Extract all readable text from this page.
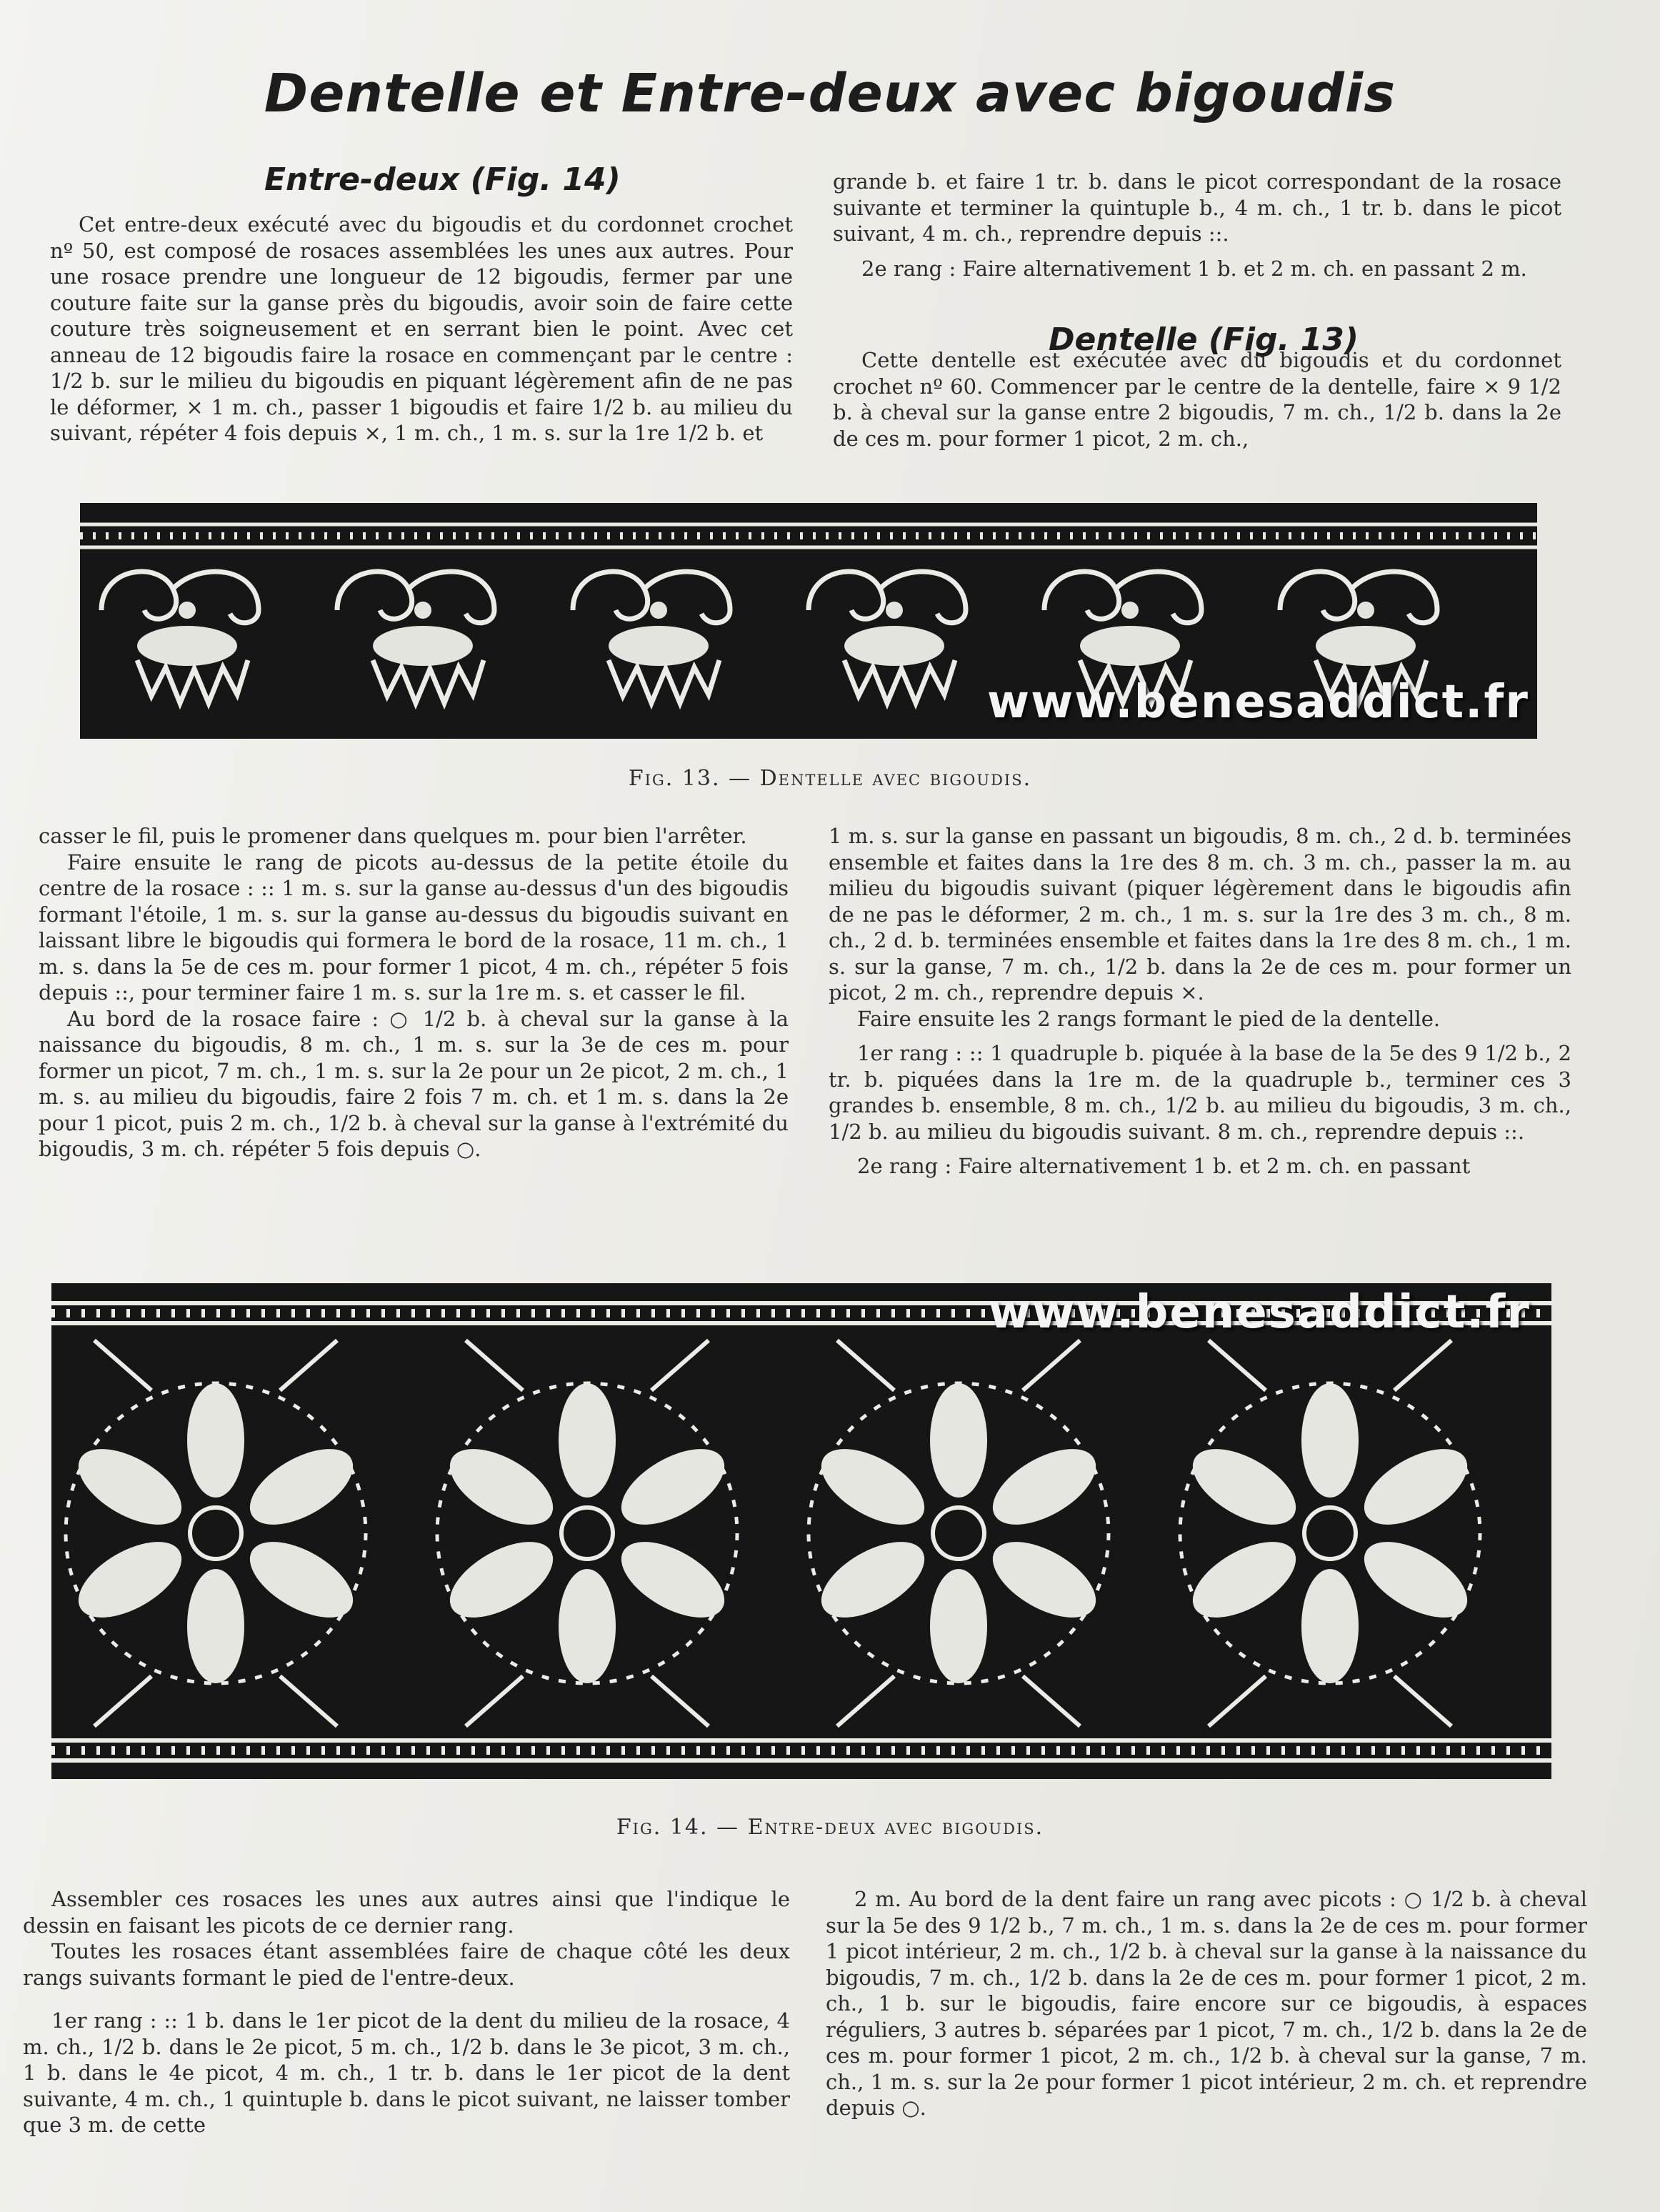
Dentelle et Entre-deux avec bigoudis
Entre-deux (Fig. 14)
Dentelle (Fig. 13)

Cet entre-deux exécuté avec du bigoudis et du cordonnet crochet nº 50, est composé de rosaces assemblées les unes aux autres. Pour une rosace prendre une longueur de 12 bigoudis, fermer par une couture faite sur la ganse près du bigoudis, avoir soin de faire cette couture très soigneusement et en serrant bien le point. Avec cet anneau de 12 bigoudis faire la rosace en commençant par le centre : 1/2 b. sur le milieu du bigoudis en piquant légèrement afin de ne pas le déformer, × 1 m. ch., passer 1 bigoudis et faire 1/2 b. au milieu du suivant, répéter 4 fois depuis ×, 1 m. ch., 1 m. s. sur la 1re 1/2 b. et

grande b. et faire 1 tr. b. dans le picot correspondant de la rosace suivante et terminer la quintuple b., 4 m. ch., 1 tr. b. dans le picot suivant, 4 m. ch., reprendre depuis ::.

2e rang : Faire alternativement 1 b. et 2 m. ch. en passant 2 m.

Cette dentelle est exécutée avec du bigoudis et du cordonnet crochet nº 60. Commencer par le centre de la dentelle, faire × 9 1/2 b. à cheval sur la ganse entre 2 bigoudis, 7 m. ch., 1/2 b. dans la 2e de ces m. pour former 1 picot, 2 m. ch.,

www.benesaddict.fr
Fig. 13. — Dentelle avec bigoudis.

casser le fil, puis le promener dans quelques m. pour bien l'arrêter.

Faire ensuite le rang de picots au-dessus de la petite étoile du centre de la rosace : :: 1 m. s. sur la ganse au-dessus d'un des bigoudis formant l'étoile, 1 m. s. sur la ganse au-dessus du bigoudis suivant en laissant libre le bigoudis qui formera le bord de la rosace, 11 m. ch., 1 m. s. dans la 5e de ces m. pour former 1 picot, 4 m. ch., répéter 5 fois depuis ::, pour terminer faire 1 m. s. sur la 1re m. s. et casser le fil.

Au bord de la rosace faire : ○ 1/2 b. à cheval sur la ganse à la naissance du bigoudis, 8 m. ch., 1 m. s. sur la 3e de ces m. pour former un picot, 7 m. ch., 1 m. s. sur la 2e pour un 2e picot, 2 m. ch., 1 m. s. au milieu du bigoudis, faire 2 fois 7 m. ch. et 1 m. s. dans la 2e pour 1 picot, puis 2 m. ch., 1/2 b. à cheval sur la ganse à l'extrémité du bigoudis, 3 m. ch. répéter 5 fois depuis ○.

1 m. s. sur la ganse en passant un bigoudis, 8 m. ch., 2 d. b. terminées ensemble et faites dans la 1re des 8 m. ch. 3 m. ch., passer la m. au milieu du bigoudis suivant (piquer légèrement dans le bigoudis afin de ne pas le déformer, 2 m. ch., 1 m. s. sur la 1re des 3 m. ch., 8 m. ch., 2 d. b. terminées ensemble et faites dans la 1re des 8 m. ch., 1 m. s. sur la ganse, 7 m. ch., 1/2 b. dans la 2e de ces m. pour former un picot, 2 m. ch., reprendre depuis ×.

Faire ensuite les 2 rangs formant le pied de la dentelle.

1er rang : :: 1 quadruple b. piquée à la base de la 5e des 9 1/2 b., 2 tr. b. piquées dans la 1re m. de la quadruple b., terminer ces 3 grandes b. ensemble, 8 m. ch., 1/2 b. au milieu du bigoudis, 3 m. ch., 1/2 b. au milieu du bigoudis suivant. 8 m. ch., reprendre depuis ::.

2e rang : Faire alternativement 1 b. et 2 m. ch. en passant

www.benesaddict.fr
Fig. 14. — Entre-deux avec bigoudis.

Assembler ces rosaces les unes aux autres ainsi que l'indique le dessin en faisant les picots de ce dernier rang.

Toutes les rosaces étant assemblées faire de chaque côté les deux rangs suivants formant le pied de l'entre-deux.

1er rang : :: 1 b. dans le 1er picot de la dent du milieu de la rosace, 4 m. ch., 1/2 b. dans le 2e picot, 5 m. ch., 1/2 b. dans le 3e picot, 3 m. ch., 1 b. dans le 4e picot, 4 m. ch., 1 tr. b. dans le 1er picot de la dent suivante, 4 m. ch., 1 quintuple b. dans le picot suivant, ne laisser tomber que 3 m. de cette

2 m. Au bord de la dent faire un rang avec picots : ○ 1/2 b. à cheval sur la 5e des 9 1/2 b., 7 m. ch., 1 m. s. dans la 2e de ces m. pour former 1 picot intérieur, 2 m. ch., 1/2 b. à cheval sur la ganse à la naissance du bigoudis, 7 m. ch., 1/2 b. dans la 2e de ces m. pour former 1 picot, 2 m. ch., 1 b. sur le bigoudis, faire encore sur ce bigoudis, à espaces réguliers, 3 autres b. séparées par 1 picot, 7 m. ch., 1/2 b. dans la 2e de ces m. pour former 1 picot, 2 m. ch., 1/2 b. à cheval sur la ganse, 7 m. ch., 1 m. s. sur la 2e pour former 1 picot intérieur, 2 m. ch. et reprendre depuis ○.
